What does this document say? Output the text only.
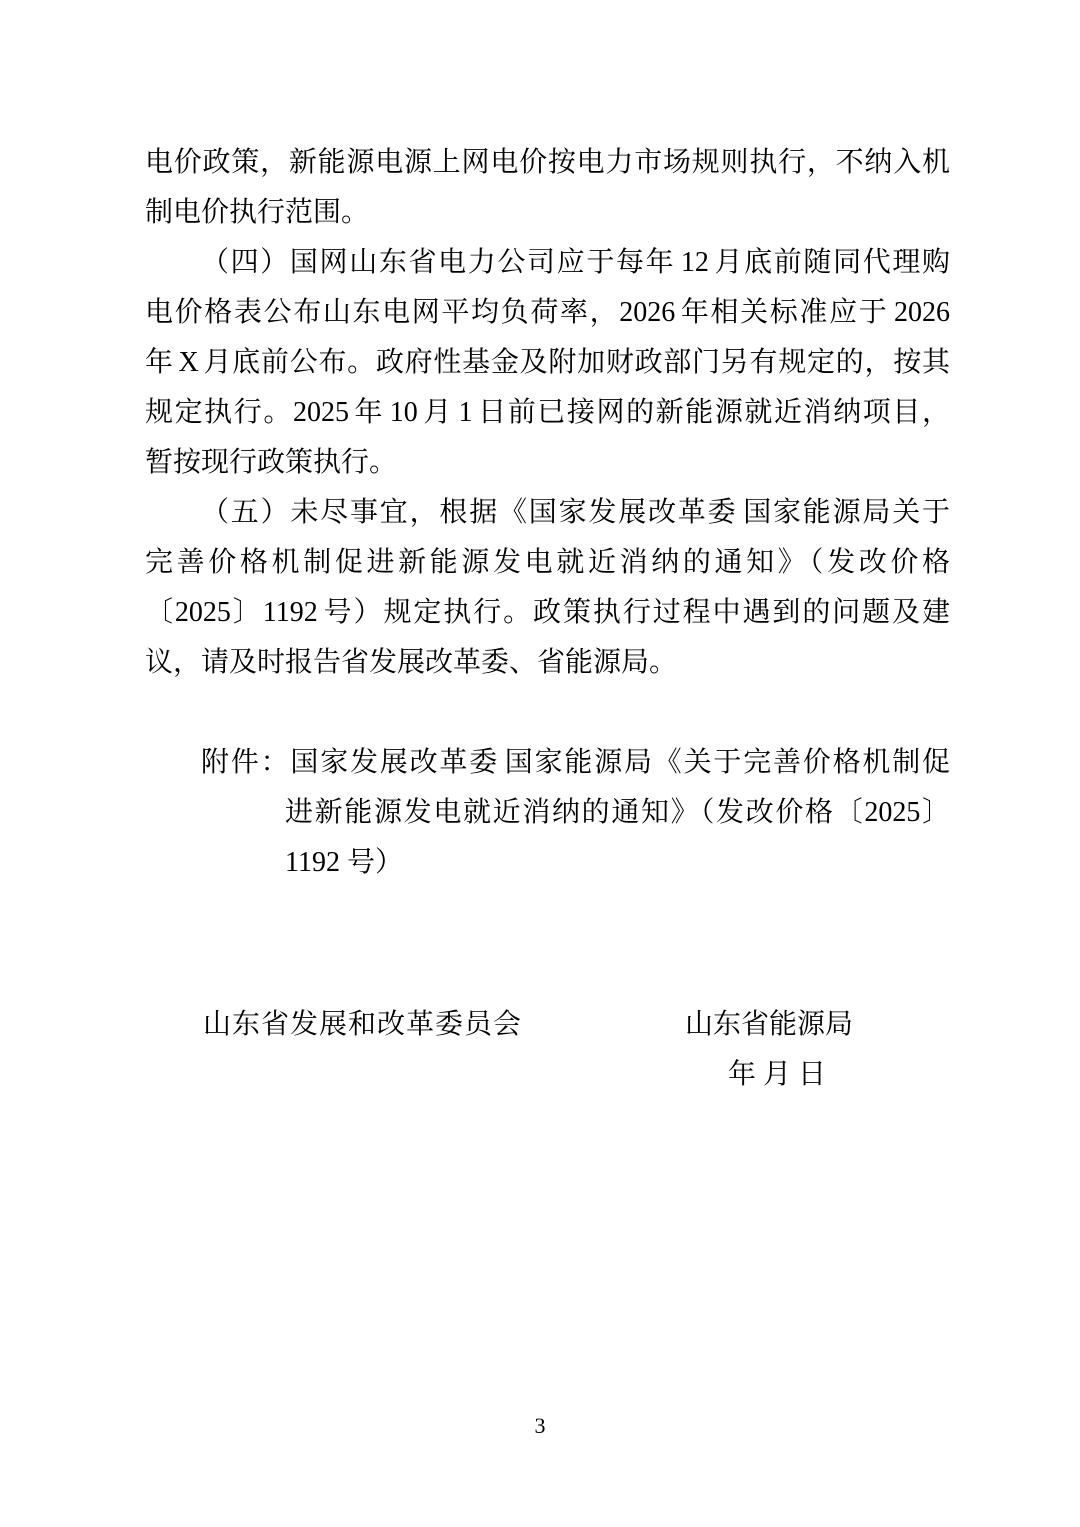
电价政策，新能源电源上网电价按电力市场规则执行，不纳入机
制电价执行范围。
（四）国网山东省电力公司应于每年 12 月底前随同代理购
电价格表公布山东电网平均负荷率，2026 年相关标准应于 2026
年 X 月底前公布。政府性基金及附加财政部门另有规定的，按其
规定执行。2025 年 10 月 1 日前已接网的新能源就近消纳项目，
暂按现行政策执行。
（五）未尽事宜，根据《国家发展改革委 国家能源局关于
完善价格机制促进新能源发电就近消纳的通知》（发改价格
〔2025〕1192 号）规定执行。政策执行过程中遇到的问题及建
议，请及时报告省发展改革委、省能源局。
附件：国家发展改革委 国家能源局《关于完善价格机制促
进新能源发电就近消纳的通知》（发改价格〔2025〕
1192 号）
山东省发展和改革委员会	山东省能源局
年 月 日
3
